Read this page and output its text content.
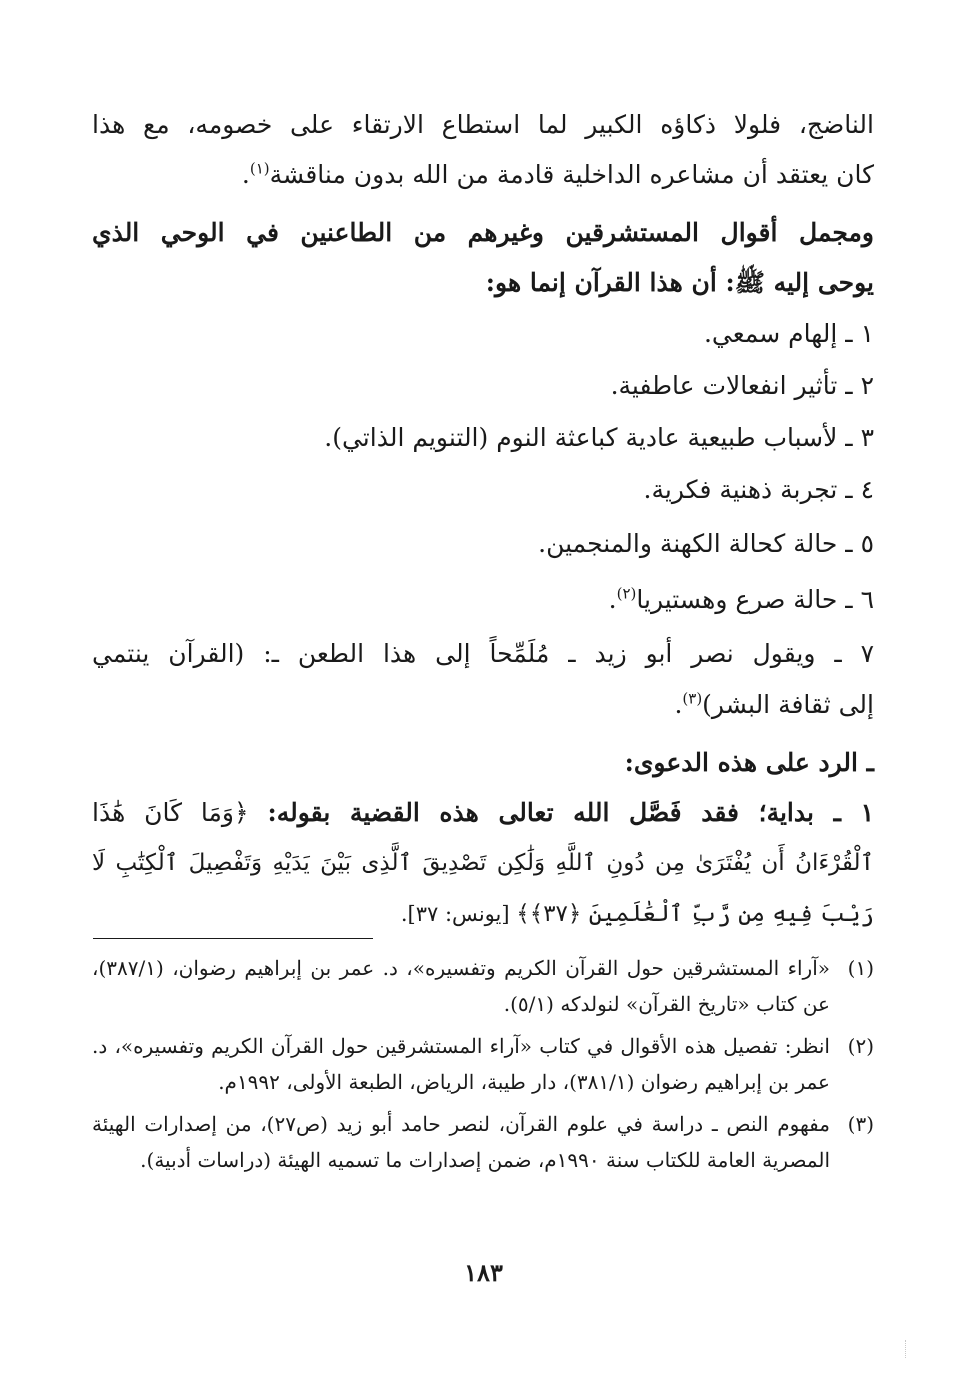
الناضج، فلولا ذكاؤه الكبير لما استطاع الارتقاء على خصومه، مع هذا

كان يعتقد أن مشاعره الداخلية قادمة من الله بدون مناقشة$^{(١)}$.

ومجمل أقوال المستشرقين وغيرهم من الطاعنين في الوحي الذي

يوحى إليه ﷺ: أن هذا القرآن إنما هو:

١ ـ إلهام سمعي.

٢ ـ تأثير انفعالات عاطفية.

٣ ـ لأسباب طبيعية عادية كباعثة النوم (التنويم الذاتي).

٤ ـ تجربة ذهنية فكرية.

٥ ـ حالة كحالة الكهنة والمنجمين.

٦ ـ حالة صرع وهستيريا$^{(٢)}$.

٧ ـ ويقول نصر أبو زيد ـ مُلَمِّحاً إلى هذا الطعن ـ: (القرآن ينتمي

إلى ثقافة البشر)$^{(٣)}$.

ـ الرد على هذه الدعوى:

١ ـ بداية؛ فقد فَصَّل الله تعالى هذه القضية بقوله: ﴿وَمَا كَانَ هَٰذَا

ٱلْقُرْءَانُ أَن يُفْتَرَىٰ مِن دُونِ ٱللَّهِ وَلَٰكِن تَصْدِيقَ ٱلَّذِى بَيْنَ يَدَيْهِ وَتَفْصِيلَ ٱلْكِتَٰبِ لَا

رَيْبَ فِيهِ مِن رَّبِّ ٱلْعَٰلَمِينَ ﴿٣٧﴾﴾ [يونس: ٣٧].

(١)
«آراء المستشرقين حول القرآن الكريم وتفسيره»، د. عمر بن إبراهيم رضوان، (٣٨٧/١)، عن كتاب «تاريخ القرآن» لنولدكه (٥/١).
(٢)
انظر: تفصيل هذه الأقوال في كتاب «آراء المستشرقين حول القرآن الكريم وتفسيره»، د. عمر بن إبراهيم رضوان (٣٨١/١)، دار طيبة، الرياض، الطبعة الأولى، ١٩٩٢م.
(٣)
مفهوم النص ـ دراسة في علوم القرآن، لنصر حامد أبو زيد (ص٢٧)، من إصدارات الهيئة المصرية العامة للكتاب سنة ١٩٩٠م، ضمن إصدارات ما تسميه الهيئة (دراسات أدبية).
١٨٣
